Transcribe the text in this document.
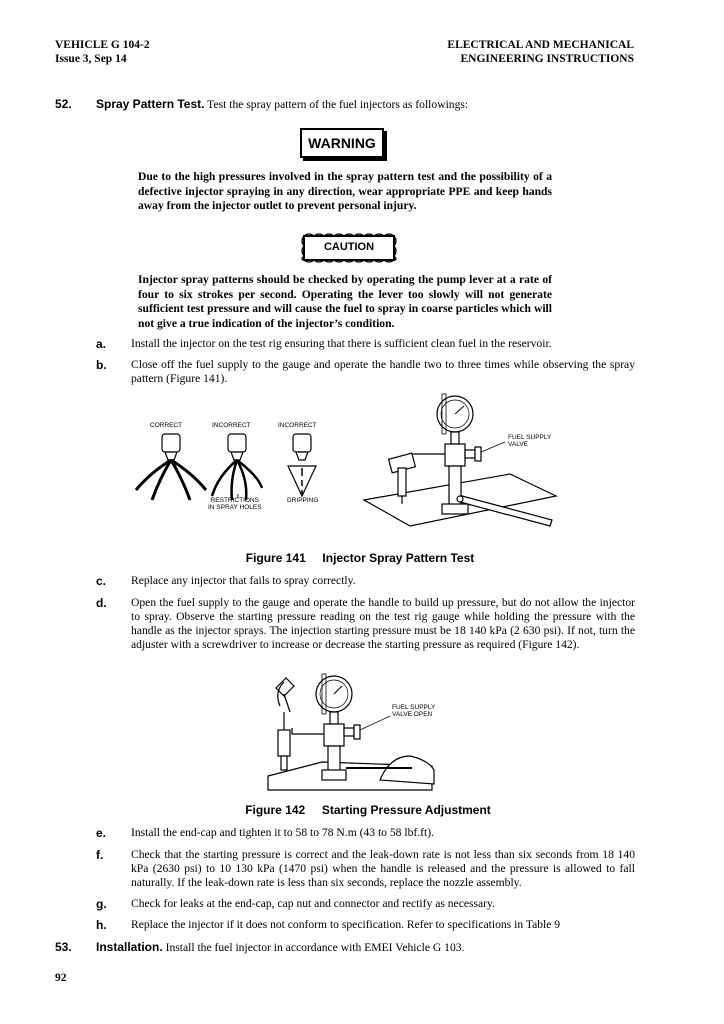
VEHICLE G 104-2
Issue 3, Sep 14
ELECTRICAL AND MECHANICAL
ENGINEERING INSTRUCTIONS
52. Spray Pattern Test. Test the spray pattern of the fuel injectors as followings:
WARNING
Due to the high pressures involved in the spray pattern test and the possibility of a defective injector spraying in any direction, wear appropriate PPE and keep hands away from the injector outlet to prevent personal injury.
CAUTION
Injector spray patterns should be checked by operating the pump lever at a rate of four to six strokes per second. Operating the lever too slowly will not generate sufficient test pressure and will cause the fuel to spray in coarse particles which will not give a true indication of the injector’s condition.
a. Install the injector on the test rig ensuring that there is sufficient clean fuel in the reservoir.
b. Close off the fuel supply to the gauge and operate the handle two to three times while observing the spray pattern (Figure 141).
CORRECT	INCORRECT	INCORRECT
RESTRICTIONS
IN SPRAY HOLES
DRIPPING
FUEL SUPPLY
VALVE
Figure 141     Injector Spray Pattern Test
c. Replace any injector that fails to spray correctly.
d. Open the fuel supply to the gauge and operate the handle to build up pressure, but do not allow the injector to spray. Observe the starting pressure reading on the test rig gauge while holding the pressure with the handle as the injector sprays. The injection starting pressure must be 18 140 kPa (2 630 psi). If not, turn the adjuster with a screwdriver to increase or decrease the starting pressure as required (Figure 142).
FUEL SUPPLY
VALVE OPEN
Figure 142     Starting Pressure Adjustment
e. Install the end-cap and tighten it to 58 to 78 N.m (43 to 58 lbf.ft).
f. Check that the starting pressure is correct and the leak-down rate is not less than six seconds from 18 140 kPa (2630 psi) to 10 130 kPa (1470 psi) when the handle is released and the pressure is allowed to fall naturally. If the leak-down rate is less than six seconds, replace the nozzle assembly.
g. Check for leaks at the end-cap, cap nut and connector and rectify as necessary.
h. Replace the injector if it does not conform to specification. Refer to specifications in Table 9
53. Installation. Install the fuel injector in accordance with EMEI Vehicle G 103.
92
